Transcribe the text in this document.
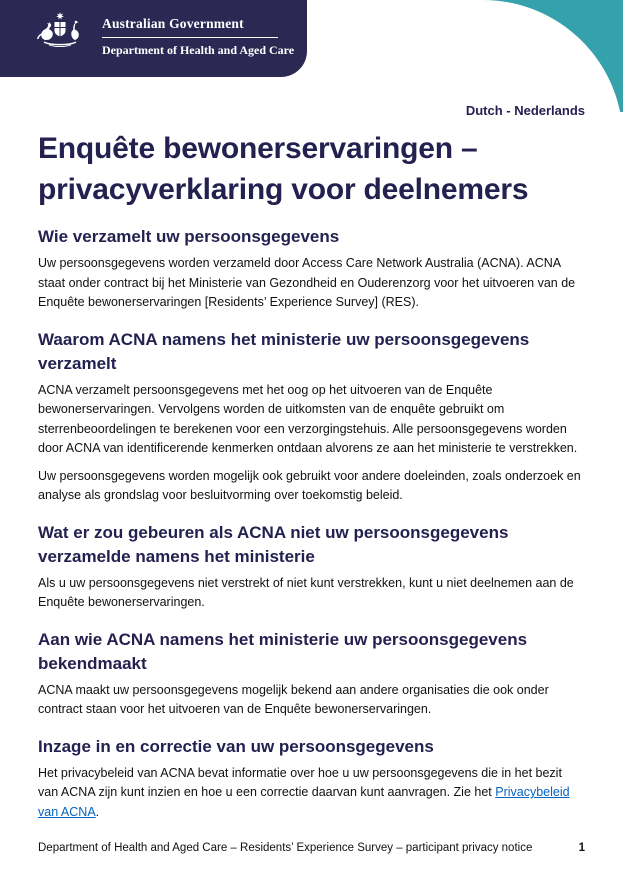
Australian Government
Department of Health and Aged Care
Dutch - Nederlands
Enquête bewonerservaringen – privacyverklaring voor deelnemers
Wie verzamelt uw persoonsgegevens

Uw persoonsgegevens worden verzameld door Access Care Network Australia (ACNA). ACNA staat onder contract bij het Ministerie van Gezondheid en Ouderenzorg voor het uitvoeren van de Enquête bewonerservaringen [Residents’ Experience Survey] (RES).

Waarom ACNA namens het ministerie uw persoonsgegevens verzamelt

ACNA verzamelt persoonsgegevens met het oog op het uitvoeren van de Enquête bewonerservaringen. Vervolgens worden de uitkomsten van de enquête gebruikt om sterrenbeoordelingen te berekenen voor een verzorgingstehuis. Alle persoonsgegevens worden door ACNA van identificerende kenmerken ontdaan alvorens ze aan het ministerie te verstrekken.

Uw persoonsgegevens worden mogelijk ook gebruikt voor andere doeleinden, zoals onderzoek en analyse als grondslag voor besluitvorming over toekomstig beleid.

Wat er zou gebeuren als ACNA niet uw persoonsgegevens verzamelde namens het ministerie

Als u uw persoonsgegevens niet verstrekt of niet kunt verstrekken, kunt u niet deelnemen aan de Enquête bewonerservaringen.

Aan wie ACNA namens het ministerie uw persoonsgegevens bekendmaakt

ACNA maakt uw persoonsgegevens mogelijk bekend aan andere organisaties die ook onder contract staan voor het uitvoeren van de Enquête bewonerservaringen.

Inzage in en correctie van uw persoonsgegevens

Het privacybeleid van ACNA bevat informatie over hoe u uw persoonsgegevens die in het bezit van ACNA zijn kunt inzien en hoe u een correctie daarvan kunt aanvragen. Zie het Privacybeleid van ACNA.

Department of Health and Aged Care – Residents’ Experience Survey – participant privacy notice	1
